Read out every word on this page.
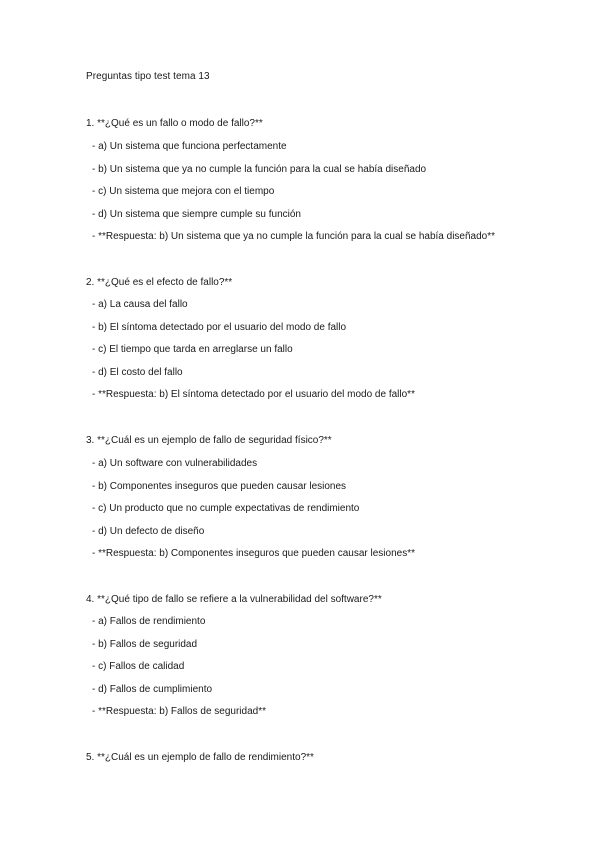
Preguntas tipo test tema 13
1. **¿Qué es un fallo o modo de fallo?**
- a) Un sistema que funciona perfectamente
- b) Un sistema que ya no cumple la función para la cual se había diseñado
- c) Un sistema que mejora con el tiempo
- d) Un sistema que siempre cumple su función
- **Respuesta: b) Un sistema que ya no cumple la función para la cual se había diseñado**
2. **¿Qué es el efecto de fallo?**
- a) La causa del fallo
- b) El síntoma detectado por el usuario del modo de fallo
- c) El tiempo que tarda en arreglarse un fallo
- d) El costo del fallo
- **Respuesta: b) El síntoma detectado por el usuario del modo de fallo**
3. **¿Cuál es un ejemplo de fallo de seguridad físico?**
- a) Un software con vulnerabilidades
- b) Componentes inseguros que pueden causar lesiones
- c) Un producto que no cumple expectativas de rendimiento
- d) Un defecto de diseño
- **Respuesta: b) Componentes inseguros que pueden causar lesiones**
4. **¿Qué tipo de fallo se refiere a la vulnerabilidad del software?**
- a) Fallos de rendimiento
- b) Fallos de seguridad
- c) Fallos de calidad
- d) Fallos de cumplimiento
- **Respuesta: b) Fallos de seguridad**
5. **¿Cuál es un ejemplo de fallo de rendimiento?**
